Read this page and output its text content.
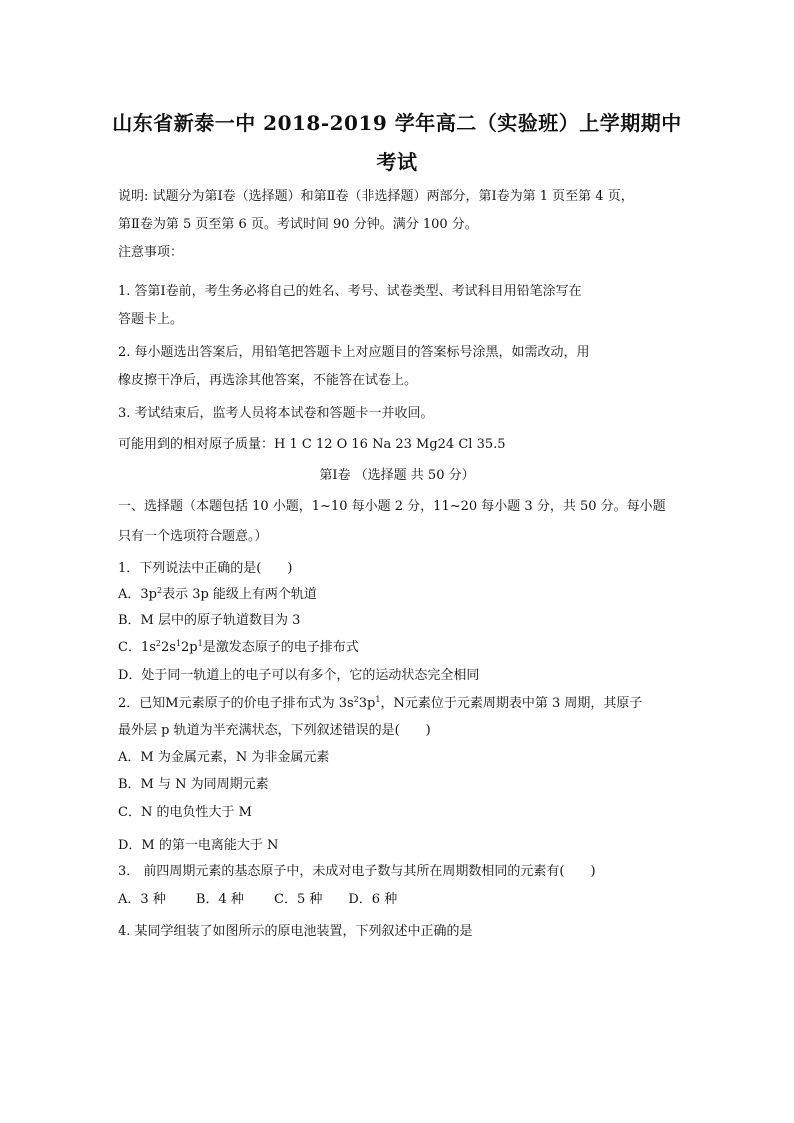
山东省新泰一中 2018-2019 学年高二（实验班）上学期期中
考试
说明: 试题分为第Ⅰ卷（选择题）和第Ⅱ卷（非选择题）两部分，第Ⅰ卷为第 1 页至第 4 页，
第Ⅱ卷为第 5 页至第 6 页。考试时间 90 分钟。满分 100 分。
注意事项：
1. 答第Ⅰ卷前，考生务必将自己的姓名、考号、试卷类型、考试科目用铅笔涂写在
答题卡上。
2. 每小题选出答案后，用铅笔把答题卡上对应题目的答案标号涂黑，如需改动，用
橡皮擦干净后，再选涂其他答案，不能答在试卷上。
3. 考试结束后，监考人员将本试卷和答题卡一并收回。
可能用到的相对原子质量：H 1 C 12 O 16 Na 23 Mg24 Cl 35.5
第Ⅰ卷 （选择题 共 50 分）
一、选择题（本题包括 10 小题，1~10 每小题 2 分，11~20 每小题 3 分，共 50 分。每小题
只有一个选项符合题意。）
1．下列说法中正确的是(　　)
A．$3p^2$表示 3p 能级上有两个轨道
B．M 层中的原子轨道数目为 3
C．$1s^22s^12p^1$是激发态原子的电子排布式
D．处于同一轨道上的电子可以有多个，它的运动状态完全相同
2．已知M元素原子的价电子排布式为 $3s^23p^1$，N元素位于元素周期表中第 3 周期，其原子
最外层 p 轨道为半充满状态，下列叙述错误的是(　　)
A．M 为金属元素，N 为非金属元素
B．M 与 N 为同周期元素
C．N 的电负性大于 M
D．M 的第一电离能大于 N
3． 前四周期元素的基态原子中，未成对电子数与其所在周期数相同的元素有(　　)
A．3 种　　 B．4 种　　 C．5 种　　D．6 种
4. 某同学组装了如图所示的原电池装置，下列叙述中正确的是
